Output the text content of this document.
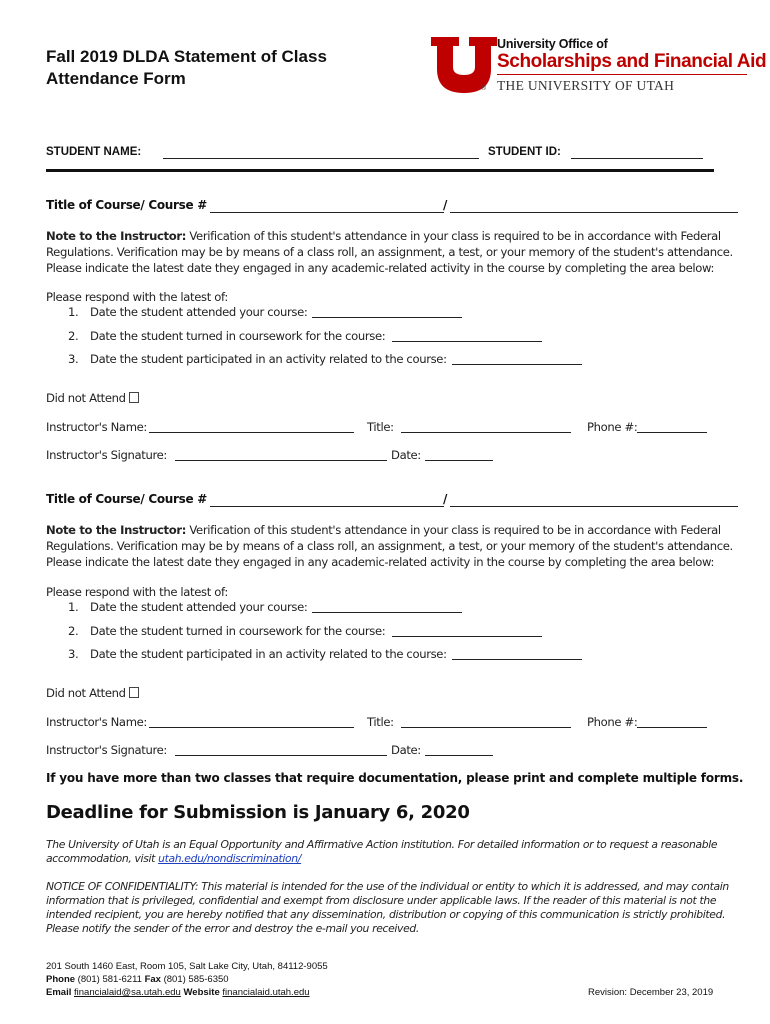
Fall 2019 DLDA Statement of Class
Attendance Form
®
University Office of
Scholarships and Financial Aid
THE UNIVERSITY OF UTAH
STUDENT NAME:	STUDENT ID:
Title of Course/ Course #	/
Note to the Instructor: Verification of this student's attendance in your class is required to be in accordance with Federal Regulations. Verification may be by means of a class roll, an assignment, a test, or your memory of the student's attendance. Please indicate the latest date they engaged in any academic-related activity in the course by completing the area below:
Please respond with the latest of:
1. Date the student attended your course:
2. Date the student turned in coursework for the course:
3. Date the student participated in an activity related to the course:
Did not Attend
Instructor's Name:	Title:	Phone #:
Instructor's Signature:	Date:
Title of Course/ Course #	/
Note to the Instructor: Verification of this student's attendance in your class is required to be in accordance with Federal Regulations. Verification may be by means of a class roll, an assignment, a test, or your memory of the student's attendance. Please indicate the latest date they engaged in any academic-related activity in the course by completing the area below:
Please respond with the latest of:
1. Date the student attended your course:
2. Date the student turned in coursework for the course:
3. Date the student participated in an activity related to the course:
Did not Attend
Instructor's Name:	Title:	Phone #:
Instructor's Signature:	Date:
If you have more than two classes that require documentation, please print and complete multiple forms.
Deadline for Submission is January 6, 2020
The University of Utah is an Equal Opportunity and Affirmative Action institution. For detailed information or to request a reasonable accommodation, visit utah.edu/nondiscrimination/
NOTICE OF CONFIDENTIALITY: This material is intended for the use of the individual or entity to which it is addressed, and may contain information that is privileged, confidential and exempt from disclosure under applicable laws. If the reader of this material is not the intended recipient, you are hereby notified that any dissemination, distribution or copying of this communication is strictly prohibited. Please notify the sender of the error and destroy the e-mail you received.
201 South 1460 East, Room 105, Salt Lake City, Utah, 84112-9055
Phone (801) 581-6211 Fax (801) 585-6350
Email financialaid@sa.utah.edu Website financialaid.utah.edu	Revision: December 23, 2019
